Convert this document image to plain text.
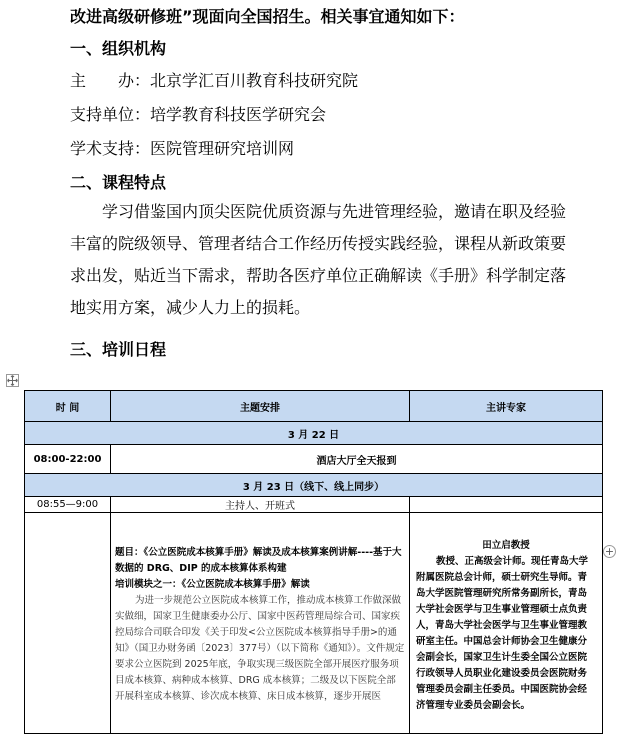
改进高级研修班”现面向全国招生。相关事宜通知如下：
一、组织机构
主　　办：北京学汇百川教育科技研究院
支持单位：培学教育科技医学研究会
学术支持：医院管理研究培训网
二、课程特点
学习借鉴国内顶尖医院优质资源与先进管理经验，邀请在职及经验丰富的院级领导、管理者结合工作经历传授实践经验，课程从新政策要求出发，贴近当下需求，帮助各医疗单位正确解读《手册》科学制定落地实用方案，减少人力上的损耗。
三、培训日程
时 间	主题安排	主讲专家
3 月 22 日		
08:00-22:00	酒店大厅全天报到	
3 月 23 日（线下、线上同步）		
08:55—9:00	主持人、开班式	

	题目：《公立医院成本核算手册》解读及成本核算案例讲解----基于大数据的 DRG、DIP 的成本核算体系构建
培训模块之一：《公立医院成本核算手册》解读
为进一步规范公立医院成本核算工作，推动成本核算工作做深做实做细，国家卫生健康委办公厅、国家中医药管理局综合司、国家疾控局综合司联合印发《关于印发<公立医院成本核算指导手册>的通知》（国卫办财务函〔2023〕377号）（以下简称《通知》）。文件规定要求公立医院到 2025年底，争取实现三级医院全部开展医疗服务项目成本核算、病种成本核算、DRG 成本核算；二级及以下医院全部开展科室成本核算、诊次成本核算、床日成本核算，逐步开展医	田立启教授
教授、正高级会计师。现任青岛大学附属医院总会计师，硕士研究生导师。青岛大学医院管理研究所常务副所长，青岛大学社会医学与卫生事业管理硕士点负责人，青岛大学社会医学与卫生事业管理教研室主任。中国总会计师协会卫生健康分会副会长，国家卫生计生委全国公立医院行政领导人员职业化建设委员会医院财务管理委员会副主任委员。中国医院协会经济管理专业委员会副会长。
+
